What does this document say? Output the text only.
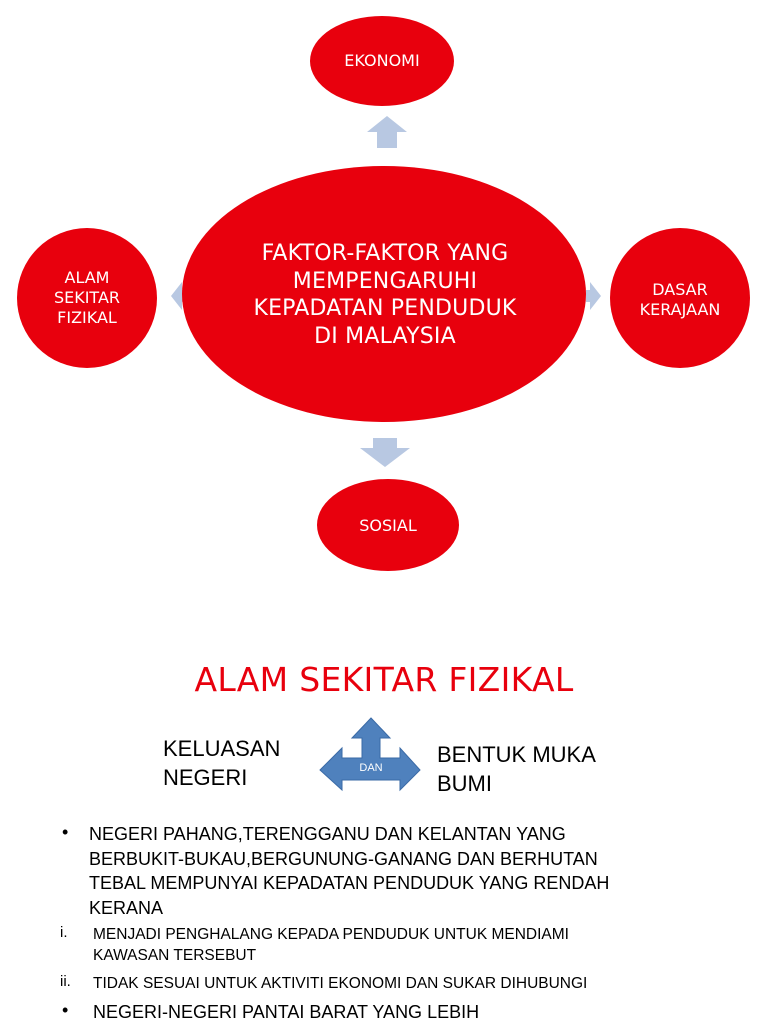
FAKTOR-FAKTOR YANG
MEMPENGARUHI
KEPADATAN PENDUDUK
DI MALAYSIA
EKONOMI
ALAM
SEKITAR
FIZIKAL
DASAR
KERAJAAN
SOSIAL
ALAM SEKITAR FIZIKAL
KELUASAN
NEGERI
BENTUK MUKA
BUMI
DAN
• NEGERI PAHANG,TERENGGANU DAN KELANTAN YANG
BERBUKIT-BUKAU,BERGUNUNG-GANANG DAN BERHUTAN
TEBAL MEMPUNYAI KEPADATAN PENDUDUK YANG RENDAH
KERANA
i. MENJADI PENGHALANG KEPADA PENDUDUK UNTUK MENDIAMI
KAWASAN TERSEBUT
ii. TIDAK SESUAI UNTUK AKTIVITI EKONOMI DAN SUKAR DIHUBUNGI
• NEGERI-NEGERI PANTAI BARAT YANG LEBIH
